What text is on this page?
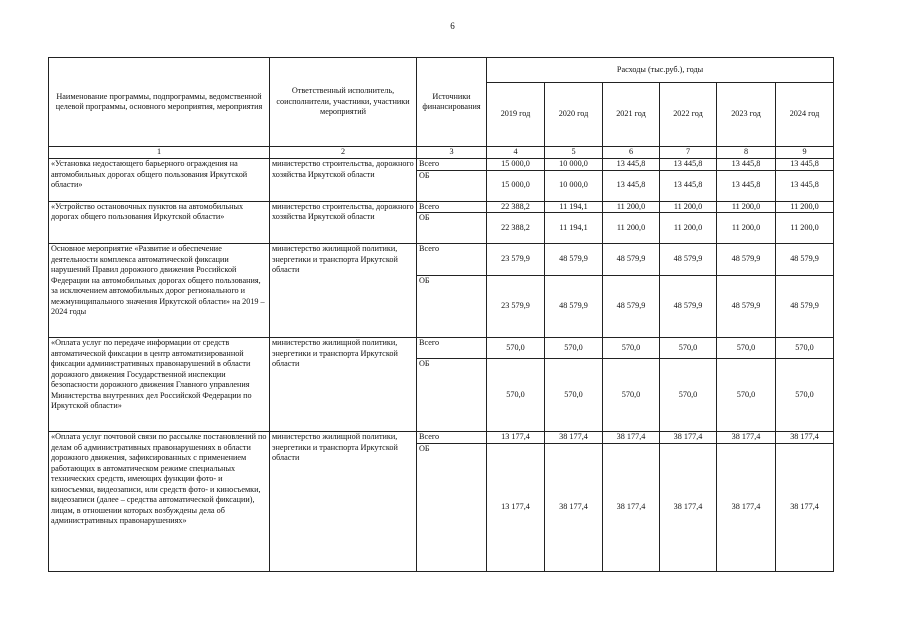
6
Наименование программы, подпрограммы, ведомственной целевой программы, основного мероприятия, мероприятия	Ответственный исполнитель, соисполнители, участники, участники мероприятий	Источники финансирования	Расходы (тыс.руб.), годы					
			2019 год	2020 год	2021 год	2022 год	2023 год	2024 год
1	2	3	4	5	6	7	8	9
«Установка недостающего барьерного ограждения на автомобильных дорогах общего пользования Иркутской области»	министерство строительства, дорожного хозяйства Иркутской области	Всего	15 000,0	10 000,0	13 445,8	13 445,8	13 445,8	13 445,8
		ОБ	15 000,0	10 000,0	13 445,8	13 445,8	13 445,8	13 445,8
«Устройство остановочных пунктов на автомобильных дорогах общего пользования Иркутской области»	министерство строительства, дорожного хозяйства Иркутской области	Всего	22 388,2	11 194,1	11 200,0	11 200,0	11 200,0	11 200,0
		ОБ	22 388,2	11 194,1	11 200,0	11 200,0	11 200,0	11 200,0
Основное мероприятие «Развитие и обеспечение деятельности комплекса автоматической фиксации нарушений Правил дорожного движения Российской Федерации на автомобильных дорогах общего пользования, за исключением автомобильных дорог регионального и межмуниципального значения Иркутской области» на 2019 – 2024 годы	министерство жилищной политики, энергетики и транспорта Иркутской области	Всего	23 579,9	48 579,9	48 579,9	48 579,9	48 579,9	48 579,9
		ОБ	23 579,9	48 579,9	48 579,9	48 579,9	48 579,9	48 579,9
«Оплата услуг по передаче информации от средств автоматической фиксации в центр автоматизированной фиксации административных правонарушений в области дорожного движения Государственной инспекции безопасности дорожного движения Главного управления Министерства внутренних дел Российской Федерации по Иркутской области»	министерство жилищной политики, энергетики и транспорта Иркутской области	Всего	570,0	570,0	570,0	570,0	570,0	570,0
		ОБ	570,0	570,0	570,0	570,0	570,0	570,0
«Оплата услуг почтовой связи по рассылке постановлений по делам об административных правонарушениях в области дорожного движения, зафиксированных с применением работающих в автоматическом режиме специальных технических средств, имеющих функции фото- и киносъемки, видеозаписи, или средств фото- и киносъемки, видеозаписи (далее – средства автоматической фиксации), лицам, в отношении которых возбуждены дела об административных правонарушениях»	министерство жилищной политики, энергетики и транспорта Иркутской области	Всего	13 177,4	38 177,4	38 177,4	38 177,4	38 177,4	38 177,4
		ОБ	13 177,4	38 177,4	38 177,4	38 177,4	38 177,4	38 177,4
